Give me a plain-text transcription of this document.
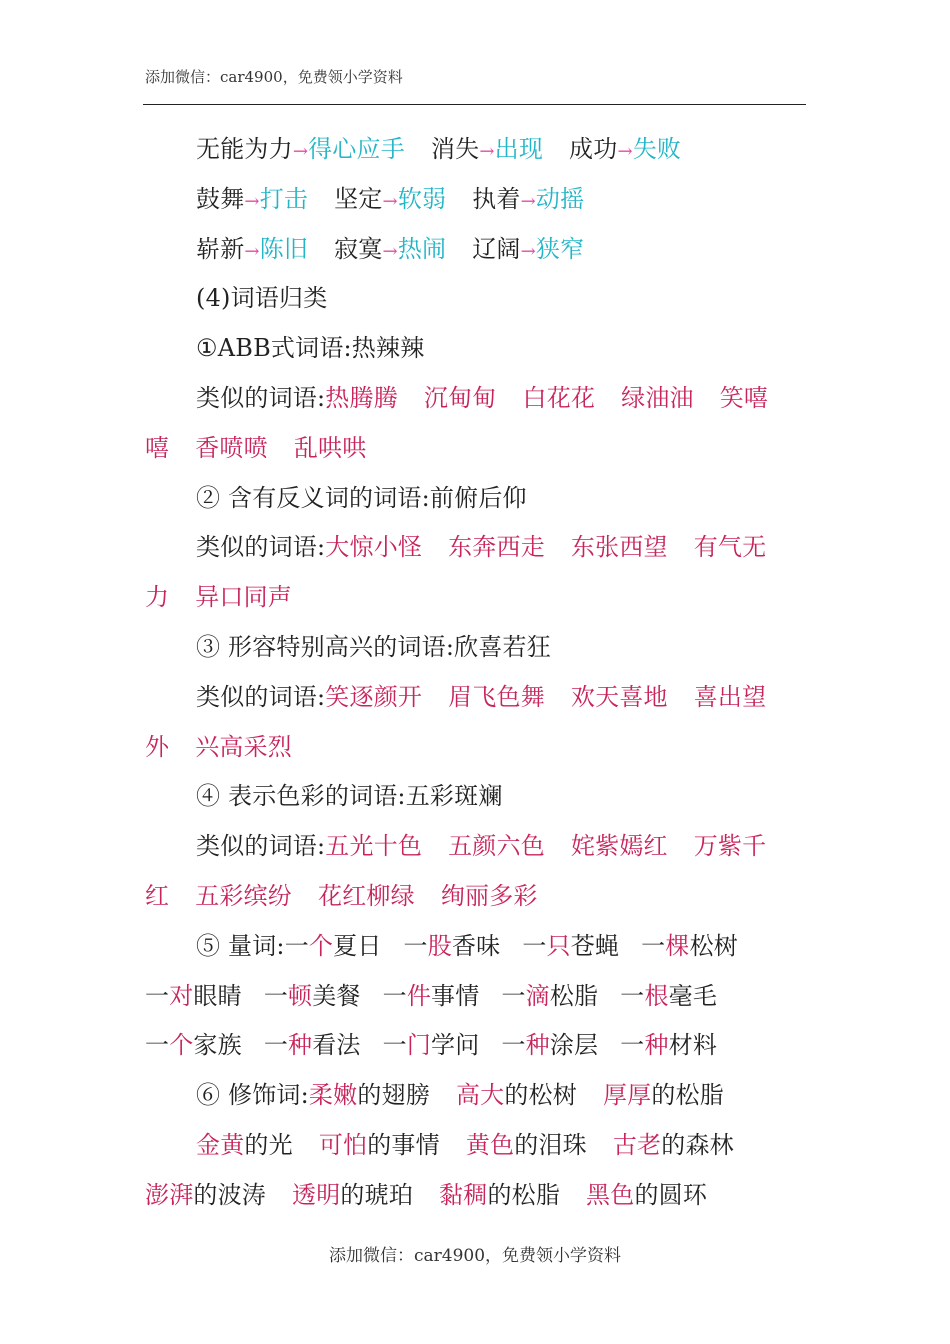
添加微信：car4900，免费领小学资料
无能为力→得心应手 消失→出现 成功→失败
鼓舞→打击 坚定→软弱 执着→动摇
崭新→陈旧 寂寞→热闹 辽阔→狭窄
(4)词语归类
①ABB式词语:热辣辣
类似的词语:热腾腾 沉甸甸 白花花 绿油油 笑嘻
嘻 香喷喷 乱哄哄
② 含有反义词的词语:前俯后仰
类似的词语:大惊小怪 东奔西走 东张西望 有气无
力 异口同声
③ 形容特别高兴的词语:欣喜若狂
类似的词语:笑逐颜开 眉飞色舞 欢天喜地 喜出望
外 兴高采烈
④ 表示色彩的词语:五彩斑斓
类似的词语:五光十色 五颜六色 姹紫嫣红 万紫千
红 五彩缤纷 花红柳绿 绚丽多彩
⑤ 量词:一个夏日 一股香味 一只苍蝇 一棵松树
一对眼睛 一顿美餐 一件事情 一滴松脂 一根毫毛
一个家族 一种看法 一门学问 一种涂层 一种材料
⑥ 修饰词:柔嫩的翅膀 高大的松树 厚厚的松脂
金黄的光 可怕的事情 黄色的泪珠 古老的森林
澎湃的波涛 透明的琥珀 黏稠的松脂 黑色的圆环
添加微信：car4900，免费领小学资料
